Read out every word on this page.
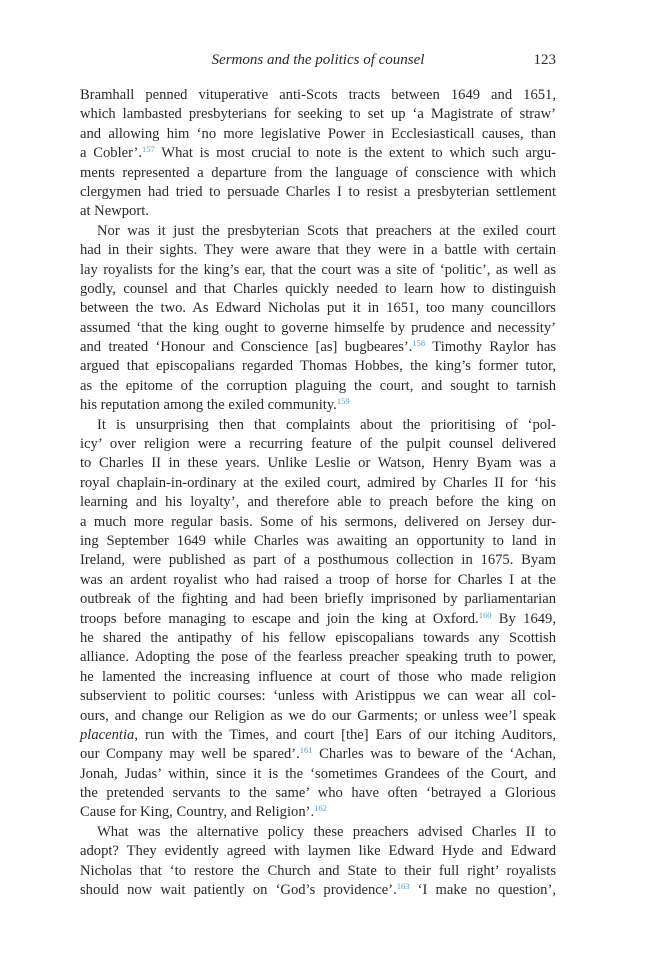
Sermons and the politics of counsel	123
Bramhall penned vituperative anti-Scots tracts between 1649 and 1651,
which lambasted presbyterians for seeking to set up ‘a Magistrate of straw’
and allowing him ‘no more legislative Power in Ecclesiasticall causes, than
a Cobler’.$^{157}$ What is most crucial to note is the extent to which such argu-
ments represented a departure from the language of conscience with which
clergymen had tried to persuade Charles I to resist a presbyterian settlement
at Newport.
Nor was it just the presbyterian Scots that preachers at the exiled court
had in their sights. They were aware that they were in a battle with certain
lay royalists for the king’s ear, that the court was a site of ‘politic’, as well as
godly, counsel and that Charles quickly needed to learn how to distinguish
between the two. As Edward Nicholas put it in 1651, too many councillors
assumed ‘that the king ought to governe himselfe by prudence and necessity’
and treated ‘Honour and Conscience [as] bugbeares’.$^{158}$ Timothy Raylor has
argued that episcopalians regarded Thomas Hobbes, the king’s former tutor,
as the epitome of the corruption plaguing the court, and sought to tarnish
his reputation among the exiled community.$^{159}$
It is unsurprising then that complaints about the prioritising of ‘pol-
icy’ over religion were a recurring feature of the pulpit counsel delivered
to Charles II in these years. Unlike Leslie or Watson, Henry Byam was a
royal chaplain-in-ordinary at the exiled court, admired by Charles II for ‘his
learning and his loyalty’, and therefore able to preach before the king on
a much more regular basis. Some of his sermons, delivered on Jersey dur-
ing September 1649 while Charles was awaiting an opportunity to land in
Ireland, were published as part of a posthumous collection in 1675. Byam
was an ardent royalist who had raised a troop of horse for Charles I at the
outbreak of the fighting and had been briefly imprisoned by parliamentarian
troops before managing to escape and join the king at Oxford.$^{160}$ By 1649,
he shared the antipathy of his fellow episcopalians towards any Scottish
alliance. Adopting the pose of the fearless preacher speaking truth to power,
he lamented the increasing influence at court of those who made religion
subservient to politic courses: ‘unless with Aristippus we can wear all col-
ours, and change our Religion as we do our Garments; or unless wee’l speak
placentia, run with the Times, and court [the] Ears of our itching Auditors,
our Company may well be spared’.$^{161}$ Charles was to beware of the ‘Achan,
Jonah, Judas’ within, since it is the ‘sometimes Grandees of the Court, and
the pretended servants to the same’ who have often ‘betrayed a Glorious
Cause for King, Country, and Religion’.$^{162}$
What was the alternative policy these preachers advised Charles II to
adopt? They evidently agreed with laymen like Edward Hyde and Edward
Nicholas that ‘to restore the Church and State to their full right’ royalists
should now wait patiently on ‘God’s providence’.$^{163}$ ‘I make no question’,
